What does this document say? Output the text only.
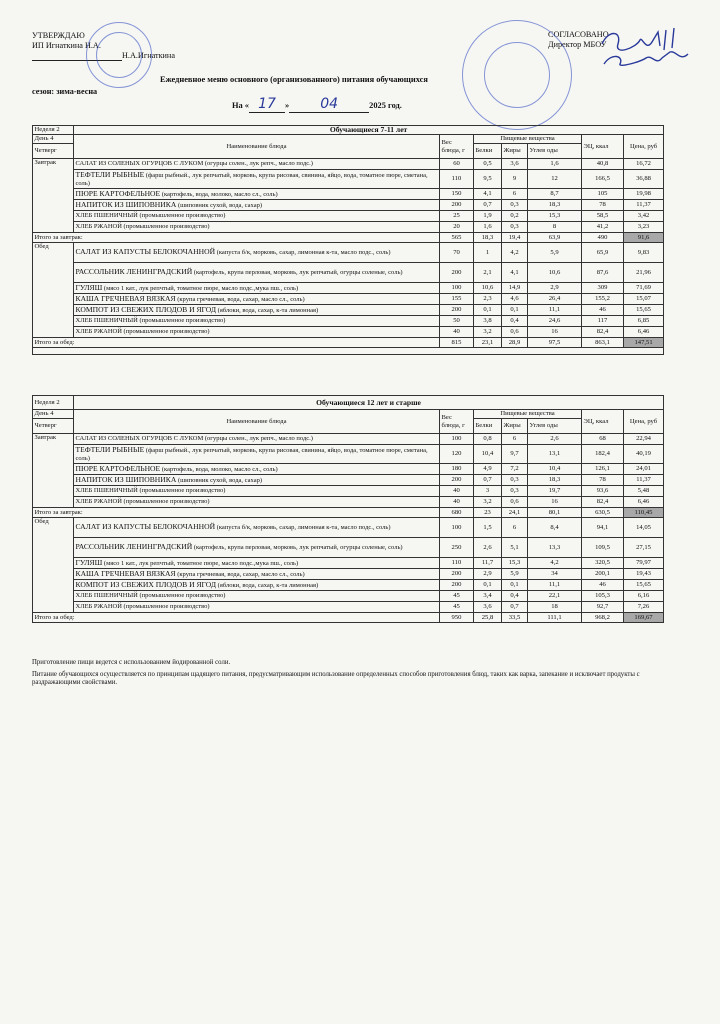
УТВЕРЖДАЮ
ИП Игнаткина Н.А.
Н.А.Игнаткина
СОГЛАСОВАНО
Директор МБОУ
Ежедневное меню основного (организованного) питания обучающихся
сезон: зима-весна
На « 17 » 04	2025 год.
Неделя 2	Обучающиеся 7-11 лет						
День 4	Наименование блюда	Вес блюда, г	Пищевые вещества			ЭЦ, ккал	Цена, руб
Четверг			Белки	Жиры	Углев оды		

Завтрак	САЛАТ ИЗ СОЛЕНЫХ ОГУРЦОВ С ЛУКОМ (огурцы солен., лук репч., масло подс.)	60	0,5	3,6	1,6	40,8	16,72
	ТЕФТЕЛИ РЫБНЫЕ (фарш рыбный., лук репчатый, морковь, крупа рисовая, свинина, яйцо, вода, томатное пюре, сметана, соль)	110	9,5	9	12	166,5	36,88
	ПЮРЕ КАРТОФЕЛЬНОЕ (картофель, вода, молоко, масло сл., соль)	150	4,1	6	8,7	105	19,98
	НАПИТОК ИЗ ШИПОВНИКА (шиповник сухой, вода, сахар)	200	0,7	0,3	18,3	78	11,37
	ХЛЕБ ПШЕНИЧНЫЙ (промышленное производство)	25	1,9	0,2	15,3	58,5	3,42
	ХЛЕБ РЖАНОЙ (промышленное производство)	20	1,6	0,3	8	41,2	3,23
Итого за завтрак:		565	18,3	19,4	63,9	490	91,6
Обед	САЛАТ ИЗ КАПУСТЫ БЕЛОКОЧАННОЙ (капуста б/к, морковь, сахар, лимонная к-та, масло подс., соль)	70	1	4,2	5,9	65,9	9,83
	РАССОЛЬНИК ЛЕНИНГРАДСКИЙ (картофель, крупа перловая, морковь, лук репчатый, огурцы соленые, соль)	200	2,1	4,1	10,6	87,6	21,96
	ГУЛЯШ (мясо 1 кат., лук репчтый, томатное пюре, масло подс.,мука пш., соль)	100	10,6	14,9	2,9	309	71,69
	КАША ГРЕЧНЕВАЯ ВЯЗКАЯ (крупа гречневая, вода, сахар, масло сл., соль)	155	2,3	4,6	26,4	155,2	15,07
	КОМПОТ ИЗ СВЕЖИХ ПЛОДОВ И ЯГОД (яблоки, вода, сахар, к-та лимонная)	200	0,1	0,1	11,1	46	15,65
	ХЛЕБ ПШЕНИЧНЫЙ (промышленное производство)	50	3,8	0,4	24,6	117	6,85
	ХЛЕБ РЖАНОЙ (промышленное производство)	40	3,2	0,6	16	82,4	6,46
Итого за обед:		815	23,1	28,9	97,5	863,1	147,51

Неделя 2	Обучающиеся 12 лет и старше						
День 4	Наименование блюда	Вес блюда, г	Пищевые вещества			ЭЦ, ккал	Цена, руб
Четверг			Белки	Жиры	Углев оды		

Завтрак	САЛАТ ИЗ СОЛЕНЫХ ОГУРЦОВ С ЛУКОМ (огурцы солен., лук репч., масло подс.)	100	0,8	6	2,6	68	22,94
	ТЕФТЕЛИ РЫБНЫЕ (фарш рыбный., лук репчатый, морковь, крупа рисовая, свинина, яйцо, вода, томатное пюре, сметана, соль)	120	10,4	9,7	13,1	182,4	40,19
	ПЮРЕ КАРТОФЕЛЬНОЕ (картофель, вода, молоко, масло сл., соль)	180	4,9	7,2	10,4	126,1	24,01
	НАПИТОК ИЗ ШИПОВНИКА (шиповник сухой, вода, сахар)	200	0,7	0,3	18,3	78	11,37
	ХЛЕБ ПШЕНИЧНЫЙ (промышленное производство)	40	3	0,3	19,7	93,6	5,48
	ХЛЕБ РЖАНОЙ (промышленное производство)	40	3,2	0,6	16	82,4	6,46
Итого за завтрак:		680	23	24,1	80,1	630,5	110,45
Обед	САЛАТ ИЗ КАПУСТЫ БЕЛОКОЧАННОЙ (капуста б/к, морковь, сахар, лимонная к-та, масло подс., соль)	100	1,5	6	8,4	94,1	14,05
	РАССОЛЬНИК ЛЕНИНГРАДСКИЙ (картофель, крупа перловая, морковь, лук репчатый, огурцы соленые, соль)	250	2,6	5,1	13,3	109,5	27,15
	ГУЛЯШ (мясо 1 кат., лук репчтый, томатное пюре, масло подс.,мука пш., соль)	110	11,7	15,3	4,2	320,5	79,97
	КАША ГРЕЧНЕВАЯ ВЯЗКАЯ (крупа гречневая, вода, сахар, масло сл., соль)	200	2,9	5,9	34	200,1	19,43
	КОМПОТ ИЗ СВЕЖИХ ПЛОДОВ И ЯГОД (яблоки, вода, сахар, к-та лимонная)	200	0,1	0,1	11,1	46	15,65
	ХЛЕБ ПШЕНИЧНЫЙ (промышленное производство)	45	3,4	0,4	22,1	105,3	6,16
	ХЛЕБ РЖАНОЙ (промышленное производство)	45	3,6	0,7	18	92,7	7,26
Итого за обед:		950	25,8	33,5	111,1	968,2	169,67
Приготовление пищи ведется с использованием йодированной соли.
Питание обучающихся осуществляется по принципам щадящего питания, предусматривающим использование определенных способов приготовления блюд, таких как варка, запекание и исключает продукты с раздражающими свойствами.
